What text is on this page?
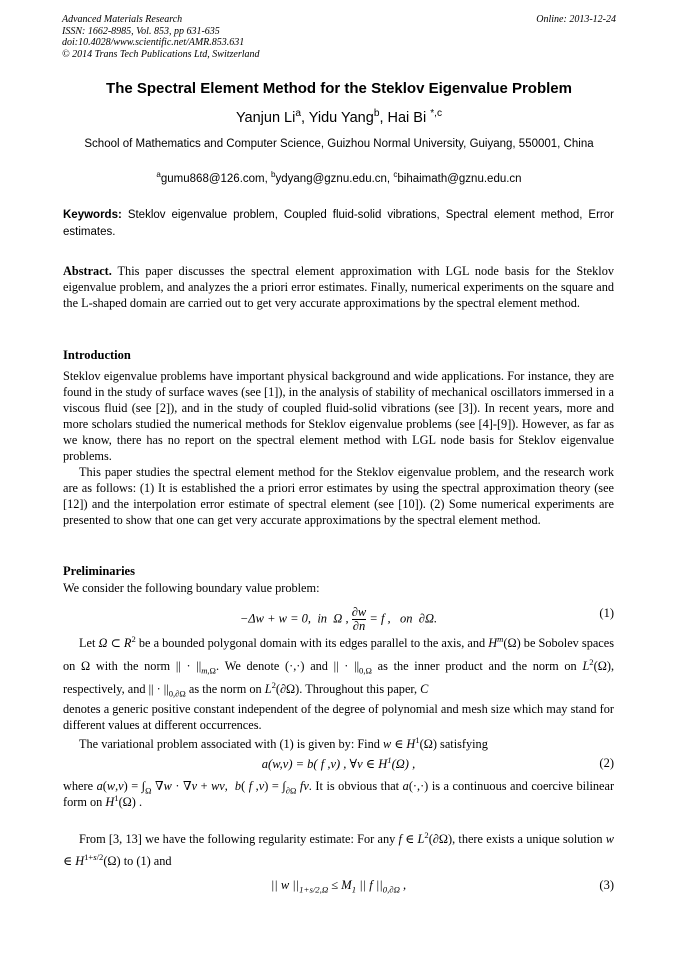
Advanced Materials Research
ISSN: 1662-8985, Vol. 853, pp 631-635
doi:10.4028/www.scientific.net/AMR.853.631
© 2014 Trans Tech Publications Ltd, Switzerland
Online: 2013-12-24
The Spectral Element Method for the Steklov Eigenvalue Problem
Yanjun Li$^a$, Yidu Yang$^b$, Hai Bi $^{*,c}$
School of Mathematics and Computer Science, Guizhou Normal University, Guiyang, 550001, China
$^a$gumu868@126.com, $^b$ydyang@gznu.edu.cn, $^c$bihaimath@gznu.edu.cn
Keywords: Steklov eigenvalue problem, Coupled fluid-solid vibrations, Spectral element method, Error estimates.

Abstract. This paper discusses the spectral element approximation with LGL node basis for the Steklov eigenvalue problem, and analyzes the a priori error estimates. Finally, numerical experiments on the square and the L-shaped domain are carried out to get very accurate approximations by the spectral element method.

Introduction

Steklov eigenvalue problems have important physical background and wide applications. For instance, they are found in the study of surface waves (see [1]), in the analysis of stability of mechanical oscillators immersed in a viscous fluid (see [2]), and in the study of coupled fluid-solid vibrations (see [3]). In recent years, more and more scholars studied the numerical methods for Steklov eigenvalue problems (see [4]-[9]). However, as far as we know, there has no report on the spectral element method with LGL node basis for Steklov eigenvalue problems.

This paper studies the spectral element method for the Steklov eigenvalue problem, and the research work are as follows: (1) It is established the a priori error estimates by using the spectral approximation theory (see [12]) and the interpolation error estimate of spectral element (see [10]). (2) Some numerical experiments are presented to show that one can get very accurate approximations by the spectral element method.

Preliminaries
We consider the following boundary value problem:
−Δw + w = 0,  in  Ω , $\frac{\partial w}{\partial n} = f$ ,   on  ∂Ω.	(1)

Let Ω ⊂ $R^2$ be a bounded polygonal domain with its edges parallel to the axis, and $H^m(\Omega)$ be Sobolev spaces on Ω with the norm || · $||_{m,\Omega}$. We denote (·,·) and || · $||_{0,\Omega}$ as the inner product and the norm on $L^2(\Omega)$, respectively, and || · $||_{0,\partial\Omega}$ as the norm on $L^2(\partial\Omega)$. Throughout this paper, C

denotes a generic positive constant independent of the degree of polynomial and mesh size which may stand for different values at different occurrences.

The variational problem associated with (1) is given by: Find w ∈ $H^1(\Omega)$ satisfying

a(w,v) = b( f ,v) , ∀v ∈ $H^1(\Omega)$ ,	(2)

where $a(w,v) = \int_\Omega$ ∇w · ∇v + wv,  b( f $,v) = \int_{\partial\Omega}$ fv. It is obvious that a(·,·) is a continuous and coercive bilinear form on $H^1(\Omega)$ .

From [3, 13] we have the following regularity estimate: For any f ∈ $L^2(\partial\Omega)$, there exists a unique solution w ∈ $H^{1+s/2}(\Omega)$ to (1) and

|| w $||_{1+s/2,\Omega} \le M_1$ || f $||_{0,\partial\Omega}$ ,	(3)
